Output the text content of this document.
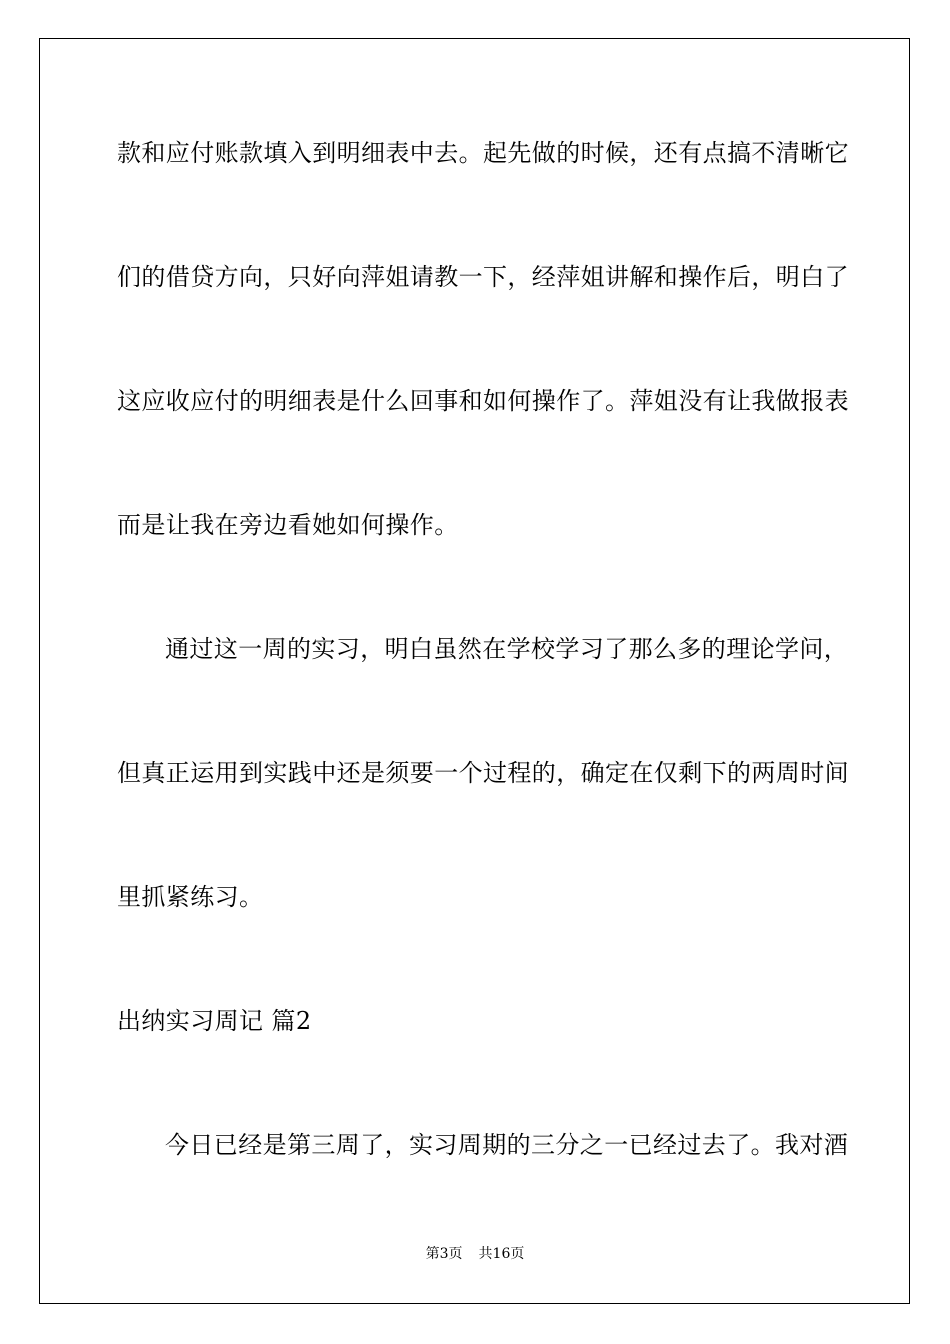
款和应付账款填入到明细表中去。起先做的时候，还有点搞不清晰它
们的借贷方向，只好向萍姐请教一下，经萍姐讲解和操作后，明白了
这应收应付的明细表是什么回事和如何操作了。萍姐没有让我做报表
而是让我在旁边看她如何操作。
通过这一周的实习，明白虽然在学校学习了那么多的理论学问，
但真正运用到实践中还是须要一个过程的，确定在仅剩下的两周时间
里抓紧练习。
出纳实习周记 篇2
今日已经是第三周了，实习周期的三分之一已经过去了。我对酒
第3页 共16页
